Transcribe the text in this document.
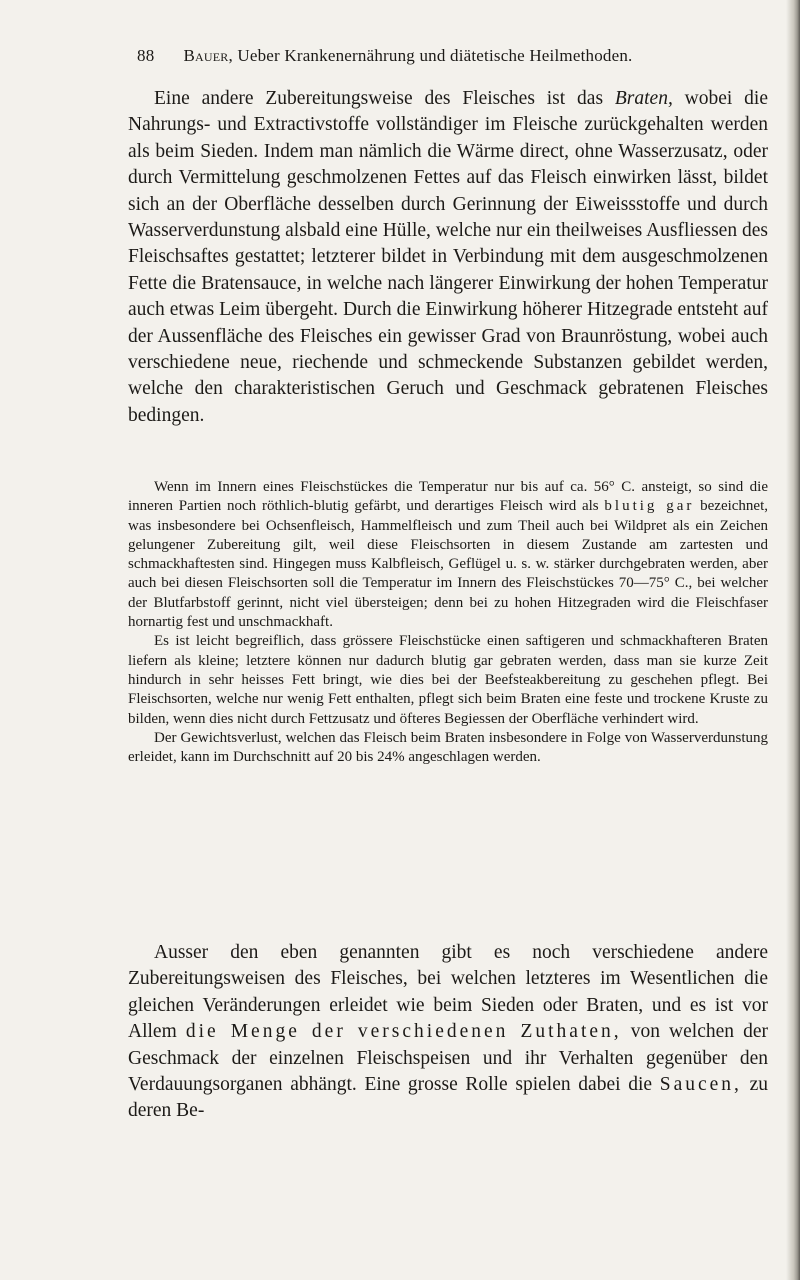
88 Bauer, Ueber Krankenernährung und diätetische Heilmethoden.

Eine andere Zubereitungsweise des Fleisches ist das Braten, wobei die Nahrungs- und Extractivstoffe vollständiger im Fleische zurückgehalten werden als beim Sieden. Indem man nämlich die Wärme direct, ohne Wasserzusatz, oder durch Vermittelung geschmolzenen Fettes auf das Fleisch einwirken lässt, bildet sich an der Oberfläche desselben durch Gerinnung der Eiweissstoffe und durch Wasserverdunstung alsbald eine Hülle, welche nur ein theilweises Ausfliessen des Fleischsaftes gestattet; letzterer bildet in Verbindung mit dem ausgeschmolzenen Fette die Bratensauce, in welche nach längerer Einwirkung der hohen Temperatur auch etwas Leim übergeht. Durch die Einwirkung höherer Hitzegrade entsteht auf der Aussenfläche des Fleisches ein gewisser Grad von Braunröstung, wobei auch verschiedene neue, riechende und schmeckende Substanzen gebildet werden, welche den charakteristischen Geruch und Geschmack gebratenen Fleisches bedingen.

Wenn im Innern eines Fleischstückes die Temperatur nur bis auf ca. 56° C. ansteigt, so sind die inneren Partien noch röthlich-blutig gefärbt, und derartiges Fleisch wird als blutig gar bezeichnet, was insbesondere bei Ochsenfleisch, Hammelfleisch und zum Theil auch bei Wildpret als ein Zeichen gelungener Zubereitung gilt, weil diese Fleischsorten in diesem Zustande am zartesten und schmackhaftesten sind. Hingegen muss Kalbfleisch, Geflügel u. s. w. stärker durchgebraten werden, aber auch bei diesen Fleischsorten soll die Temperatur im Innern des Fleischstückes 70—75° C., bei welcher der Blutfarbstoff gerinnt, nicht viel übersteigen; denn bei zu hohen Hitzegraden wird die Fleischfaser hornartig fest und unschmackhaft.

Es ist leicht begreiflich, dass grössere Fleischstücke einen saftigeren und schmackhafteren Braten liefern als kleine; letztere können nur dadurch blutig gar gebraten werden, dass man sie kurze Zeit hindurch in sehr heisses Fett bringt, wie dies bei der Beefsteakbereitung zu geschehen pflegt. Bei Fleischsorten, welche nur wenig Fett enthalten, pflegt sich beim Braten eine feste und trockene Kruste zu bilden, wenn dies nicht durch Fettzusatz und öfteres Begiessen der Oberfläche verhindert wird.

Der Gewichtsverlust, welchen das Fleisch beim Braten insbesondere in Folge von Wasserverdunstung erleidet, kann im Durchschnitt auf 20 bis 24% angeschlagen werden.

Ausser den eben genannten gibt es noch verschiedene andere Zubereitungsweisen des Fleisches, bei welchen letzteres im Wesentlichen die gleichen Veränderungen erleidet wie beim Sieden oder Braten, und es ist vor Allem die Menge der verschiedenen Zuthaten, von welchen der Geschmack der einzelnen Fleischspeisen und ihr Verhalten gegenüber den Verdauungsorganen abhängt. Eine grosse Rolle spielen dabei die Saucen, zu deren Be-
